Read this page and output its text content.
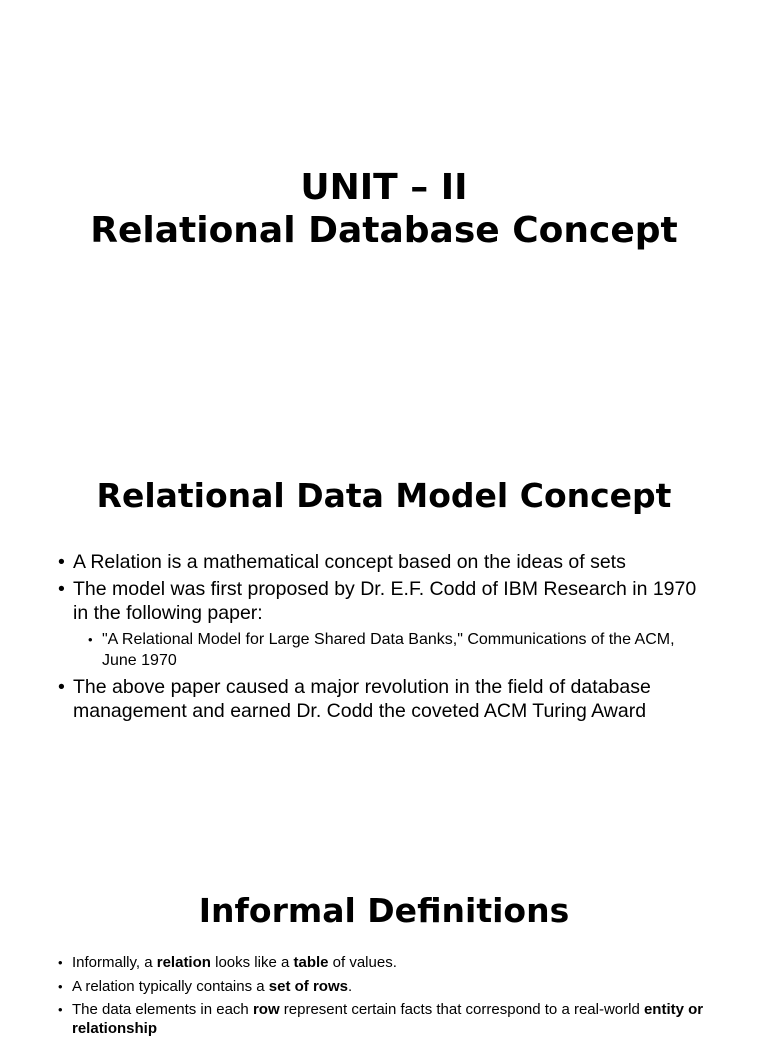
UNIT – II
Relational Database Concept
Relational Data Model Concept
• A Relation is a mathematical concept based on the ideas of sets
• The model was first proposed by Dr. E.F. Codd of IBM Research in 1970 in the following paper:
• "A Relational Model for Large Shared Data Banks," Communications of the ACM, June 1970
• The above paper caused a major revolution in the field of database management and earned Dr. Codd the coveted ACM Turing Award
Informal Definitions
• Informally, a relation looks like a table of values.
• A relation typically contains a set of rows.
• The data elements in each row represent certain facts that correspond to a real-world entity or relationship
